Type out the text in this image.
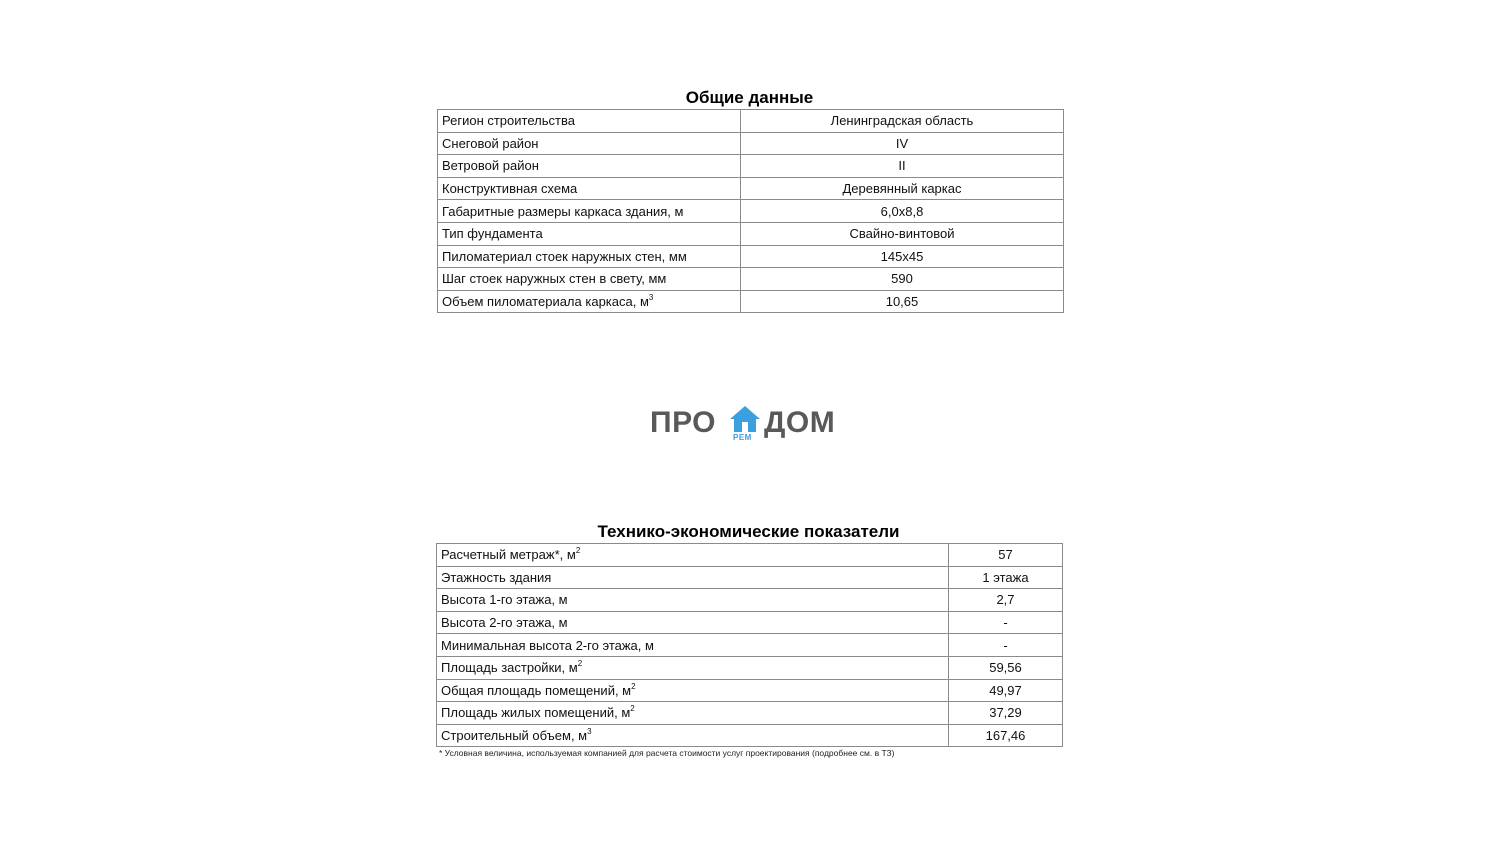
Общие данные
Регион строительства	Ленинградская область
Снеговой район	IV
Ветровой район	II
Конструктивная схема	Деревянный каркас
Габаритные размеры каркаса здания, м	6,0x8,8
Тип фундамента	Свайно-винтовой
Пиломатериал стоек наружных стен, мм	145x45
Шаг стоек наружных стен в свету, мм	590
Объем пиломатериала каркаса, $м^3$	10,65
ПРО РЕМ ДОМ
Технико-экономические показатели
Расчетный метраж*, $м^2$	57
Этажность здания	1 этажа
Высота 1-го этажа, м	2,7
Высота 2-го этажа, м	-
Минимальная высота 2-го этажа, м	-
Площадь застройки, $м^2$	59,56
Общая площадь помещений, $м^2$	49,97
Площадь жилых помещений, $м^2$	37,29
Строительный объем, $м^3$	167,46
* Условная величина, используемая компанией для расчета стоимости услуг проектирования (подробнее см. в ТЗ)
